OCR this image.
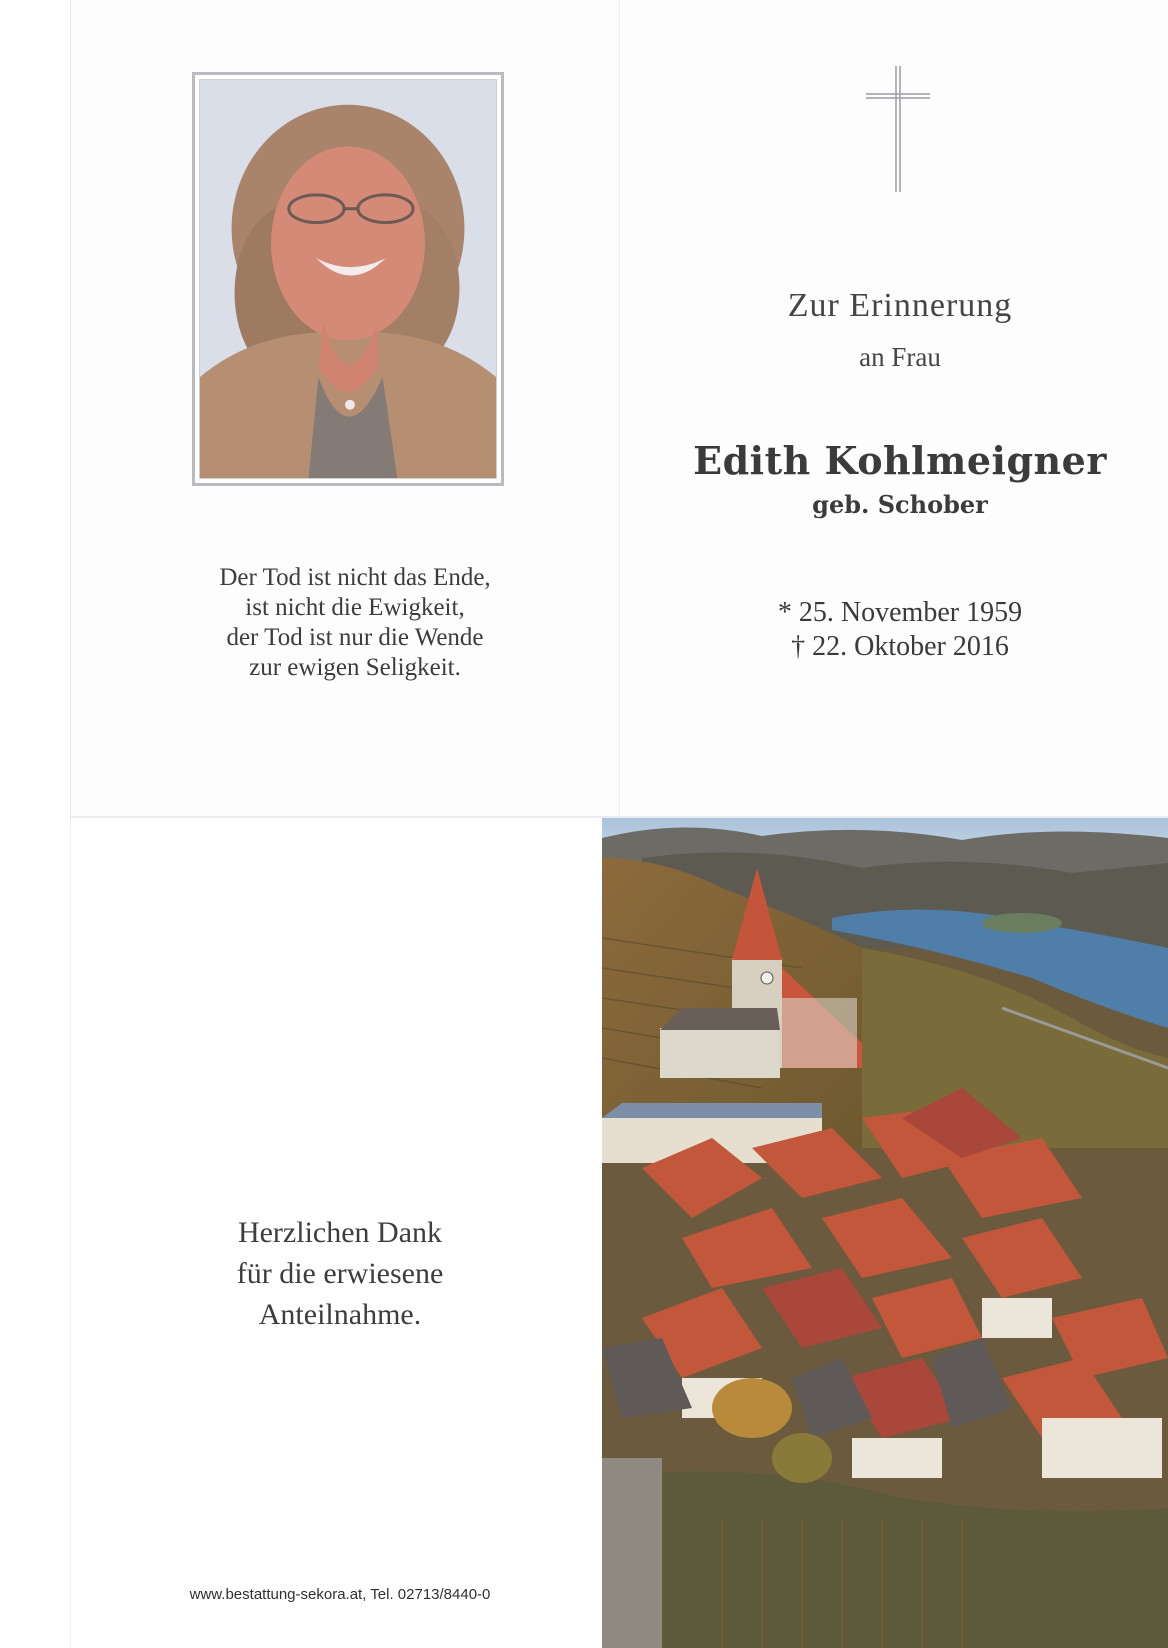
Der Tod ist nicht das Ende,
ist nicht die Ewigkeit,
der Tod ist nur die Wende
zur ewigen Seligkeit.
Zur Erinnerung
an Frau
Edith Kohlmeigner
geb. Schober
* 25. November 1959
† 22. Oktober 2016
Herzlichen Dank
für die erwiesene
Anteilnahme.
www.bestattung-sekora.at, Tel. 02713/8440-0
